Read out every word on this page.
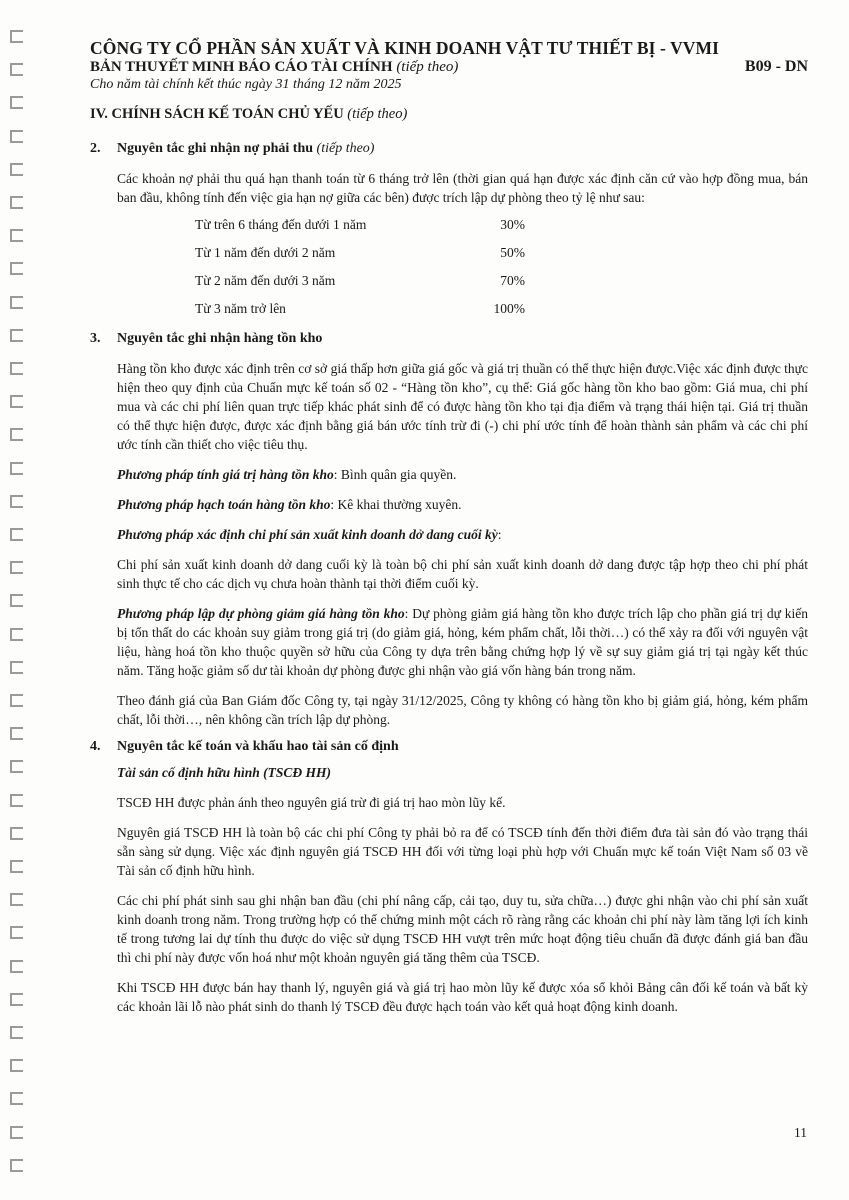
CÔNG TY CỔ PHẦN SẢN XUẤT VÀ KINH DOANH VẬT TƯ THIẾT BỊ - VVMI
BẢN THUYẾT MINH BÁO CÁO TÀI CHÍNH (tiếp theo)	B09 - DN
Cho năm tài chính kết thúc ngày 31 tháng 12 năm 2025
IV. CHÍNH SÁCH KẾ TOÁN CHỦ YẾU (tiếp theo)
2.	Nguyên tắc ghi nhận nợ phải thu (tiếp theo)
Các khoản nợ phải thu quá hạn thanh toán từ 6 tháng trở lên (thời gian quá hạn được xác định căn cứ vào hợp đồng mua, bán ban đầu, không tính đến việc gia hạn nợ giữa các bên) được trích lập dự phòng theo tỷ lệ như sau:
Từ trên 6 tháng đến dưới 1 năm	30%
Từ 1 năm đến dưới 2 năm	50%
Từ 2 năm đến dưới 3 năm	70%
Từ 3 năm trở lên	100%
3.	Nguyên tắc ghi nhận hàng tồn kho
Hàng tồn kho được xác định trên cơ sở giá thấp hơn giữa giá gốc và giá trị thuần có thể thực hiện được.Việc xác định được thực hiện theo quy định của Chuẩn mực kế toán số 02 - “Hàng tồn kho”, cụ thể: Giá gốc hàng tồn kho bao gồm: Giá mua, chi phí mua và các chi phí liên quan trực tiếp khác phát sinh để có được hàng tồn kho tại địa điểm và trạng thái hiện tại. Giá trị thuần có thể thực hiện được, được xác định bằng giá bán ước tính trừ đi (-) chi phí ước tính để hoàn thành sản phẩm và các chi phí ước tính cần thiết cho việc tiêu thụ.
Phương pháp tính giá trị hàng tồn kho: Bình quân gia quyền.
Phương pháp hạch toán hàng tồn kho: Kê khai thường xuyên.
Phương pháp xác định chi phí sản xuất kinh doanh dở dang cuối kỳ:
Chi phí sản xuất kinh doanh dở dang cuối kỳ là toàn bộ chi phí sản xuất kinh doanh dở dang được tập hợp theo chi phí phát sinh thực tế cho các dịch vụ chưa hoàn thành tại thời điểm cuối kỳ.
Phương pháp lập dự phòng giảm giá hàng tồn kho: Dự phòng giảm giá hàng tồn kho được trích lập cho phần giá trị dự kiến bị tổn thất do các khoản suy giảm trong giá trị (do giảm giá, hỏng, kém phẩm chất, lỗi thời…) có thể xảy ra đối với nguyên vật liệu, hàng hoá tồn kho thuộc quyền sở hữu của Công ty dựa trên bằng chứng hợp lý về sự suy giảm giá trị tại ngày kết thúc năm. Tăng hoặc giảm số dư tài khoản dự phòng được ghi nhận vào giá vốn hàng bán trong năm.
Theo đánh giá của Ban Giám đốc Công ty, tại ngày 31/12/2025, Công ty không có hàng tồn kho bị giảm giá, hỏng, kém phẩm chất, lỗi thời…, nên không cần trích lập dự phòng.
4.	Nguyên tắc kế toán và khấu hao tài sản cố định
Tài sản cố định hữu hình (TSCĐ HH)
TSCĐ HH được phản ánh theo nguyên giá trừ đi giá trị hao mòn lũy kế.
Nguyên giá TSCĐ HH là toàn bộ các chi phí Công ty phải bỏ ra để có TSCĐ tính đến thời điểm đưa tài sản đó vào trạng thái sẵn sàng sử dụng. Việc xác định nguyên giá TSCĐ HH đối với từng loại phù hợp với Chuẩn mực kế toán Việt Nam số 03 về Tài sản cố định hữu hình.
Các chi phí phát sinh sau ghi nhận ban đầu (chi phí nâng cấp, cải tạo, duy tu, sửa chữa…) được ghi nhận vào chi phí sản xuất kinh doanh trong năm. Trong trường hợp có thể chứng minh một cách rõ ràng rằng các khoản chi phí này làm tăng lợi ích kinh tế trong tương lai dự tính thu được do việc sử dụng TSCĐ HH vượt trên mức hoạt động tiêu chuẩn đã được đánh giá ban đầu thì chi phí này được vốn hoá như một khoản nguyên giá tăng thêm của TSCĐ.
Khi TSCĐ HH được bán hay thanh lý, nguyên giá và giá trị hao mòn lũy kế được xóa sổ khỏi Bảng cân đối kế toán và bất kỳ các khoản lãi lỗ nào phát sinh do thanh lý TSCĐ đều được hạch toán vào kết quả hoạt động kinh doanh.
11
